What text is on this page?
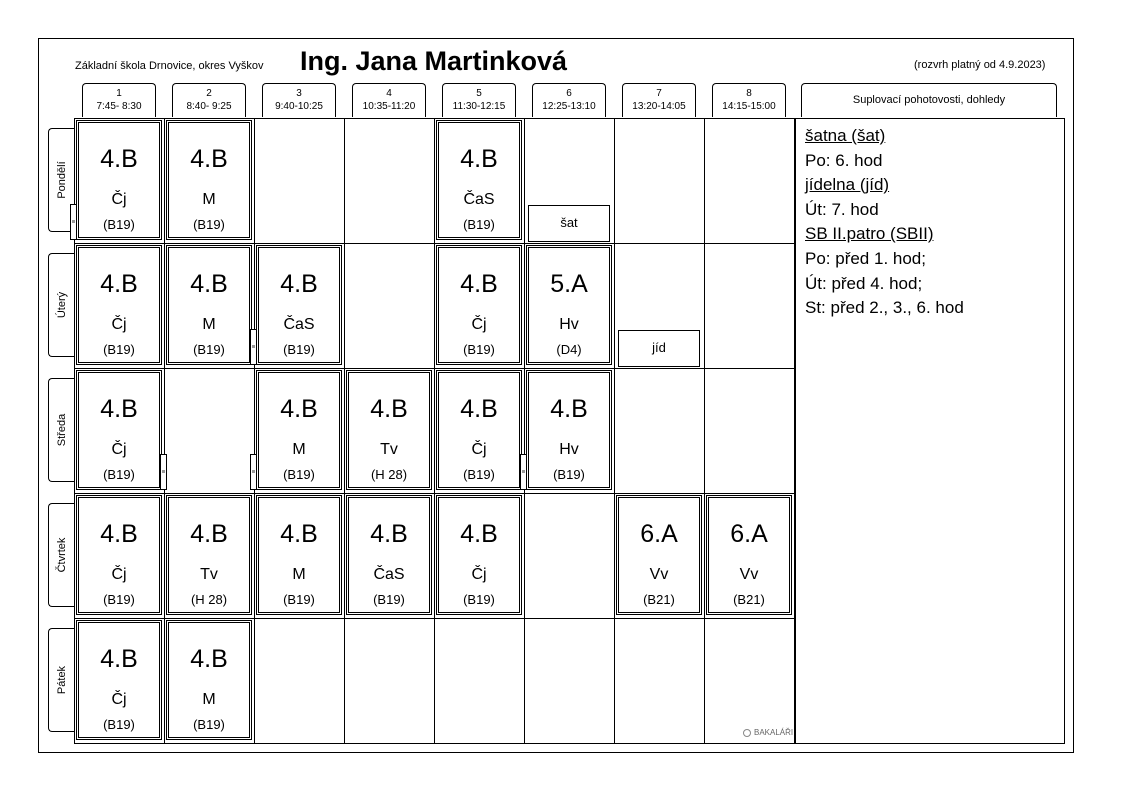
Základní škola Drnovice, okres Vyškov Ing. Jana Martinková	(rozvrh platný od 4.9.2023)
1
7:45- 8:30
2
8:40- 9:25
3
9:40-10:25
4
10:35-11:20
5
11:30-12:15
6
12:25-13:10
7
13:20-14:05
8
14:15-15:00
Suplovací pohotovosti, dohledy
Pondělí
Úterý
Středa
Čtvrtek
Pátek
4.B
Čj
(B19)
4.B
M
(B19)
4.B
ČaS
(B19)
4.B
Čj
(B19)
4.B
M
(B19)
4.B
ČaS
(B19)
4.B
Čj
(B19)
5.A
Hv
(D4)
4.B
Čj
(B19)
4.B
M
(B19)
4.B
Tv
(H 28)
4.B
Čj
(B19)
4.B
Hv
(B19)
4.B
Čj
(B19)
4.B
Tv
(H 28)
4.B
M
(B19)
4.B
ČaS
(B19)
4.B
Čj
(B19)
6.A
Vv
(B21)
6.A
Vv
(B21)
4.B
Čj
(B19)
4.B
M
(B19)
šat
jíd
šatna (šat)
Po: 6. hod
jídelna (jíd)
Út: 7. hod
SB II.patro (SBII)
Po: před 1. hod;
Út: před 4. hod;
St: před 2., 3., 6. hod
BAKALÁŘI
